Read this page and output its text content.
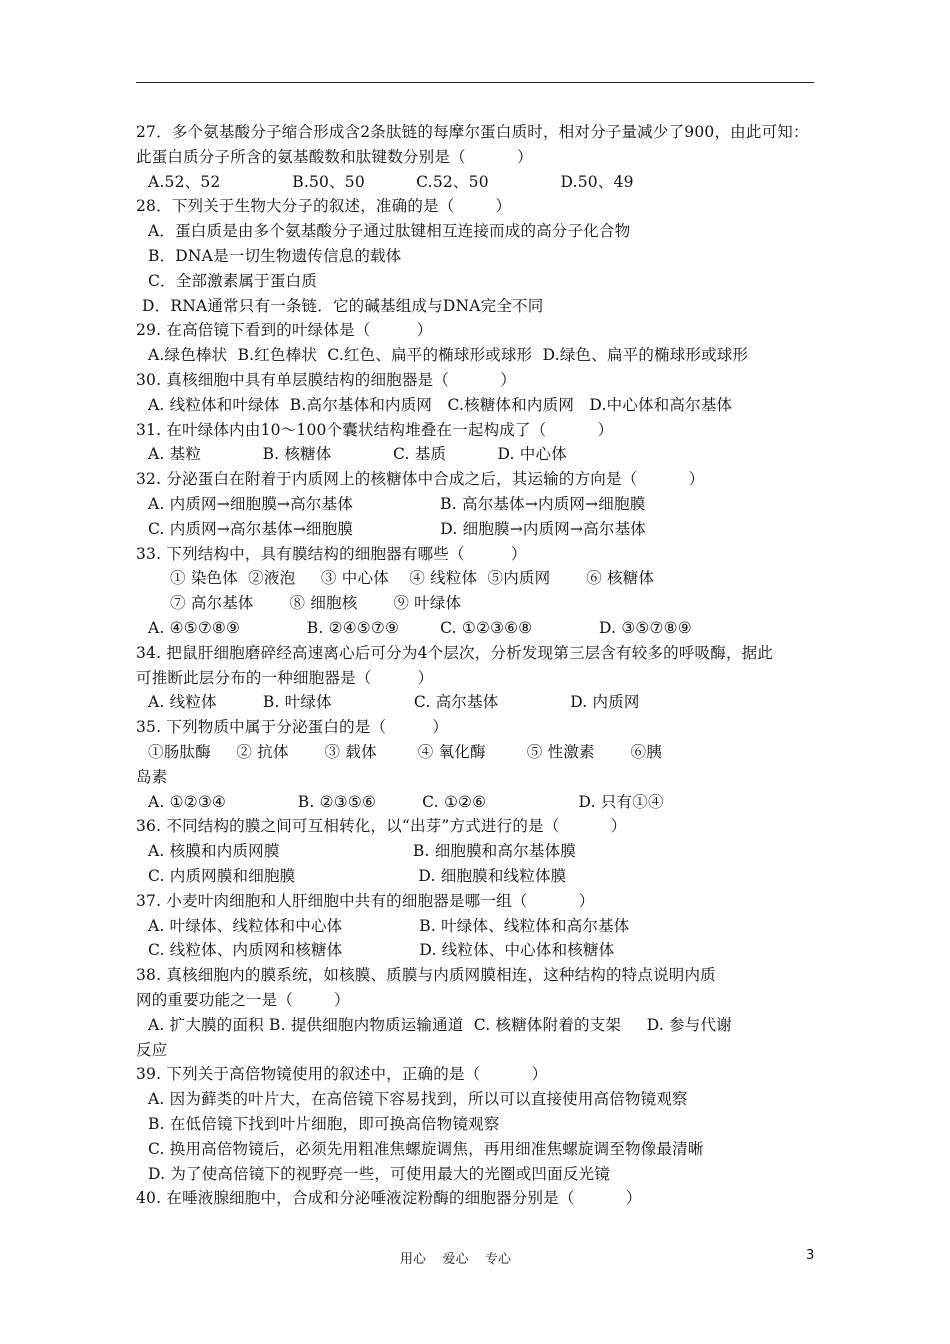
27．多个氨基酸分子缩合形成含2条肽链的每摩尔蛋白质时，相对分子量减少了900，由此可知：
此蛋白质分子所含的氨基酸数和肽键数分别是（          ）
A.52、52              B.50、50          C.52、50              D.50、49
28．下列关于生物大分子的叙述，准确的是（        ）
A．蛋白质是由多个氨基酸分子通过肽键相互连接而成的高分子化合物
B．DNA是一切生物遗传信息的载体
C．全部激素属于蛋白质
D．RNA通常只有一条链．它的碱基组成与DNA完全不同
29. 在高倍镜下看到的叶绿体是（         ）
A.绿色棒状  B.红色棒状  C.红色、扁平的椭球形或球形  D.绿色、扁平的椭球形或球形
30. 真核细胞中具有单层膜结构的细胞器是（          ）
A. 线粒体和叶绿体  B.高尔基体和内质网   C.核糖体和内质网   D.中心体和高尔基体
31. 在叶绿体内由10～100个囊状结构堆叠在一起构成了（          ）
A. 基粒            B. 核糖体            C. 基质          D. 中心体
32. 分泌蛋白在附着于内质网上的核糖体中合成之后，其运输的方向是（          ）
A. 内质网→细胞膜→高尔基体                 B. 高尔基体→内质网→细胞膜
C. 内质网→高尔基体→细胞膜                 D. 细胞膜→内质网→高尔基体
33. 下列结构中，具有膜结构的细胞器有哪些（         ）
① 染色体  ②液泡     ③ 中心体    ④ 线粒体  ⑤内质网       ⑥ 核糖体
⑦ 高尔基体       ⑧ 细胞核       ⑨ 叶绿体
A. ④⑤⑦⑧⑨             B. ②④⑤⑦⑨        C. ①②③⑥⑧             D. ③⑤⑦⑧⑨
34. 把鼠肝细胞磨碎经高速离心后可分为4个层次，分析发现第三层含有较多的呼吸酶，据此
可推断此层分布的一种细胞器是（         ）
A. 线粒体         B. 叶绿体                C. 高尔基体              D. 内质网
35. 下列物质中属于分泌蛋白的是（         ）
①肠肽酶     ② 抗体       ③ 载体        ④ 氧化酶        ⑤ 性激素       ⑥胰
岛素
A. ①②③④              B. ②③⑤⑥         C. ①②⑥                  D. 只有①④
36. 不同结构的膜之间可互相转化，以“出芽”方式进行的是（          ）
A. 核膜和内质网膜                          B. 细胞膜和高尔基体膜
C. 内质网膜和细胞膜                        D. 细胞膜和线粒体膜
37. 小麦叶肉细胞和人肝细胞中共有的细胞器是哪一组（          ）
A. 叶绿体、线粒体和中心体               B. 叶绿体、线粒体和高尔基体
C. 线粒体、内质网和核糖体               D. 线粒体、中心体和核糖体
38. 真核细胞内的膜系统，如核膜、质膜与内质网膜相连，这种结构的特点说明内质
网的重要功能之一是（        ）
A. 扩大膜的面积 B. 提供细胞内物质运输通道  C. 核糖体附着的支架     D. 参与代谢
反应
39. 下列关于高倍物镜使用的叙述中，正确的是（          ）
A. 因为藓类的叶片大，在高倍镜下容易找到，所以可以直接使用高倍物镜观察
B. 在低倍镜下找到叶片细胞，即可换高倍物镜观察
C. 换用高倍物镜后，必须先用粗准焦螺旋调焦，再用细准焦螺旋调至物像最清晰
D. 为了使高倍镜下的视野亮一些，可使用最大的光圈或凹面反光镜
40. 在唾液腺细胞中，合成和分泌唾液淀粉酶的细胞器分别是（          ）
用心    爱心    专心	3
